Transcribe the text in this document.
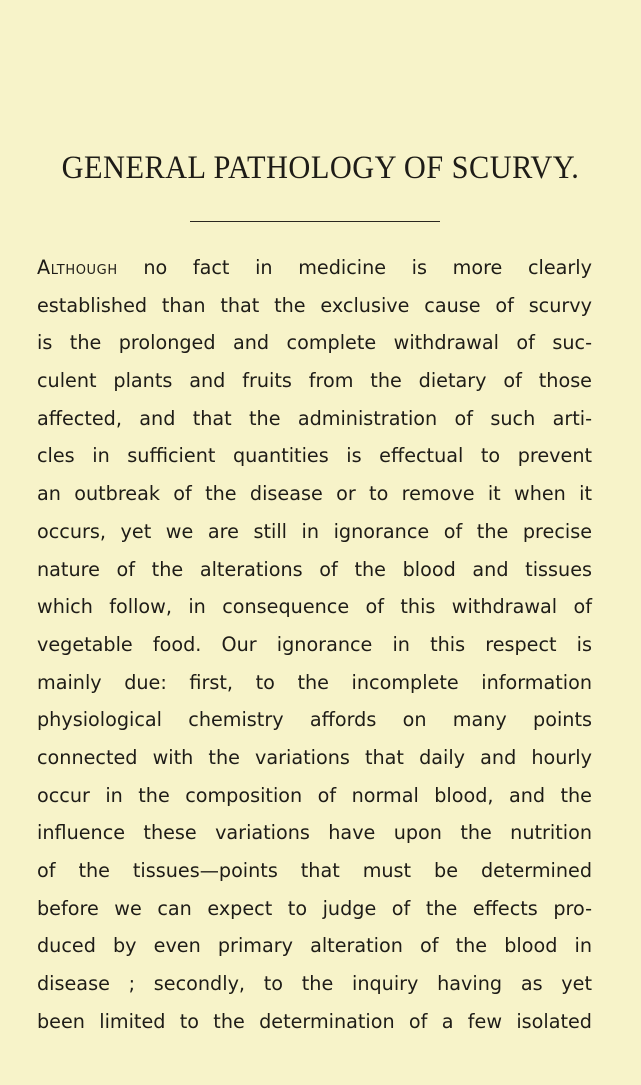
GENERAL PATHOLOGY OF SCURVY.
Although no fact in medicine is more clearly
established than that the exclusive cause of scurvy
is the prolonged and complete withdrawal of suc-
culent plants and fruits from the dietary of those
affected, and that the administration of such arti-
cles in sufficient quantities is effectual to prevent
an outbreak of the disease or to remove it when it
occurs, yet we are still in ignorance of the precise
nature of the alterations of the blood and tissues
which follow, in consequence of this withdrawal of
vegetable food. Our ignorance in this respect is
mainly due: first, to the incomplete information
physiological chemistry affords on many points
connected with the variations that daily and hourly
occur in the composition of normal blood, and the
influence these variations have upon the nutrition
of the tissues—points that must be determined
before we can expect to judge of the effects pro-
duced by even primary alteration of the blood in
disease ; secondly, to the inquiry having as yet
been limited to the determination of a few isolated
